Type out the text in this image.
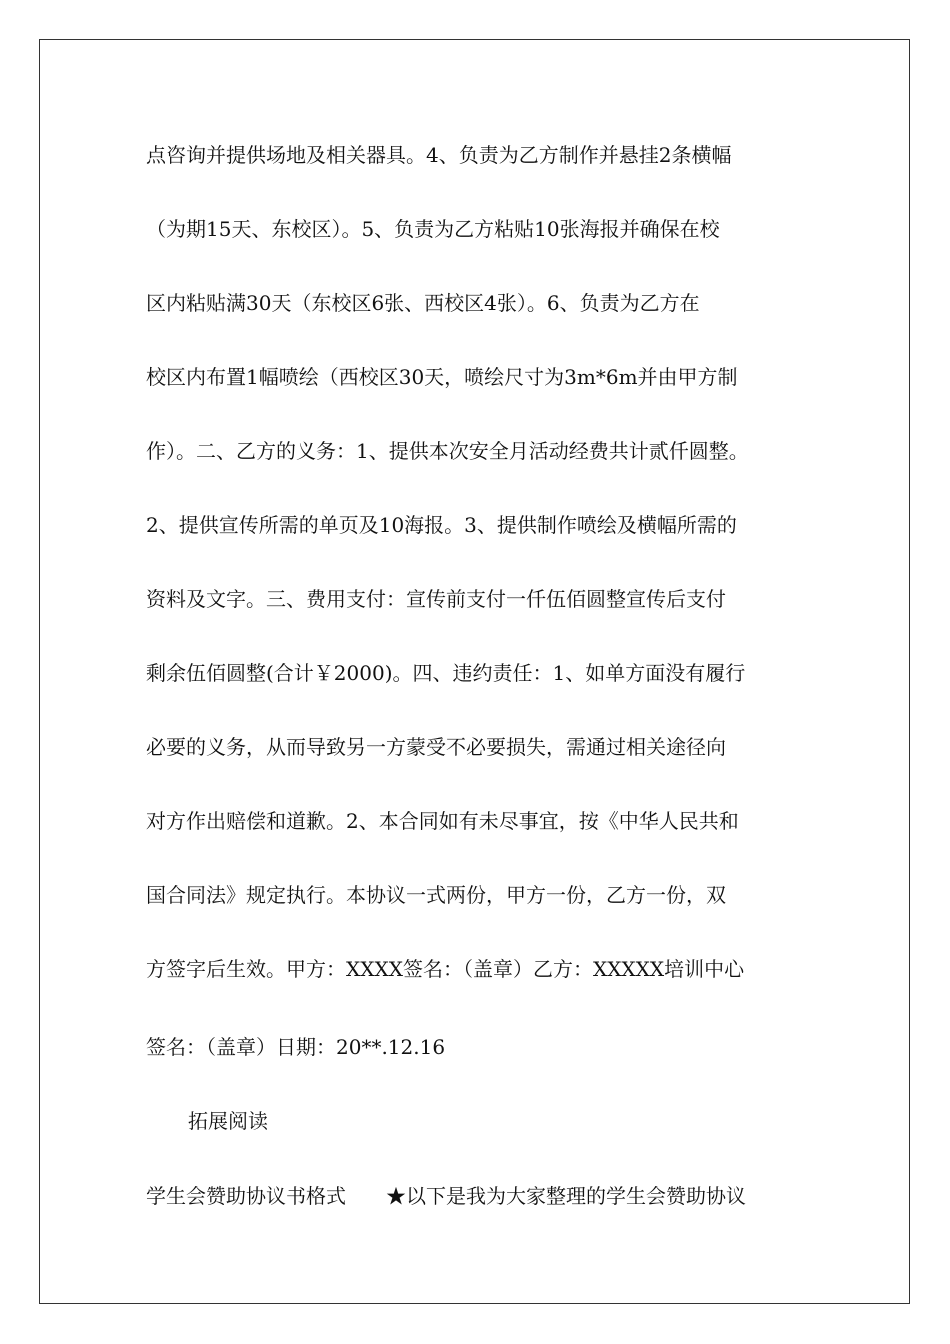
点咨询并提供场地及相关器具。4、负责为乙方制作并悬挂2条横幅
（为期15天、东校区）。5、负责为乙方粘贴10张海报并确保在校
区内粘贴满30天（东校区6张、西校区4张）。6、负责为乙方在
校区内布置1幅喷绘（西校区30天，喷绘尺寸为3m*6m并由甲方制
作）。二、乙方的义务：1、提供本次安全月活动经费共计贰仟圆整。
2、提供宣传所需的单页及10海报。3、提供制作喷绘及横幅所需的
资料及文字。三、费用支付：宣传前支付一仟伍佰圆整宣传后支付
剩余伍佰圆整(合计￥2000)。四、违约责任：1、如单方面没有履行
必要的义务，从而导致另一方蒙受不必要损失，需通过相关途径向
对方作出赔偿和道歉。2、本合同如有未尽事宜，按《中华人民共和
国合同法》规定执行。本协议一式两份，甲方一份，乙方一份，双
方签字后生效。甲方：XXXX签名：（盖章）乙方：XXXXX培训中心
签名：（盖章）日期：20**.12.16
拓展阅读
学生会赞助协议书格式　　★以下是我为大家整理的学生会赞助协议
